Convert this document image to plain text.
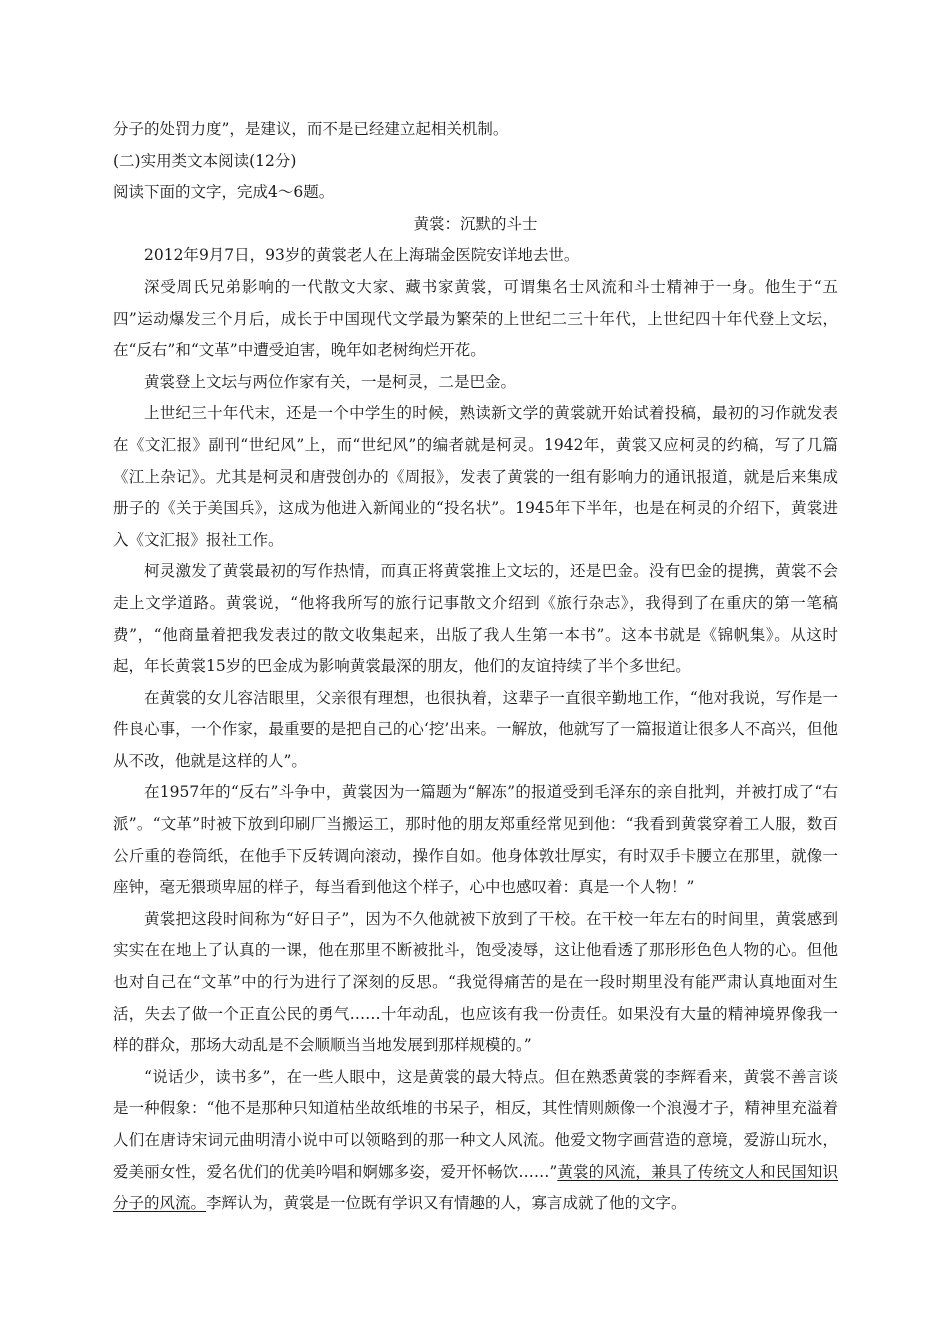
分子的处罚力度”，是建议，而不是已经建立起相关机制。

(二)实用类文本阅读(12分)

阅读下面的文字，完成4～6题。

黄裳：沉默的斗士

2012年9月7日，93岁的黄裳老人在上海瑞金医院安详地去世。

深受周氏兄弟影响的一代散文大家、藏书家黄裳，可谓集名士风流和斗士精神于一身。他生于“五四”运动爆发三个月后，成长于中国现代文学最为繁荣的上世纪二三十年代，上世纪四十年代登上文坛，在“反右”和“文革”中遭受迫害，晚年如老树绚烂开花。

黄裳登上文坛与两位作家有关，一是柯灵，二是巴金。

上世纪三十年代末，还是一个中学生的时候，熟读新文学的黄裳就开始试着投稿，最初的习作就发表在《文汇报》副刊“世纪风”上，而“世纪风”的编者就是柯灵。1942年，黄裳又应柯灵的约稿，写了几篇《江上杂记》。尤其是柯灵和唐弢创办的《周报》，发表了黄裳的一组有影响力的通讯报道，就是后来集成册子的《关于美国兵》，这成为他进入新闻业的“投名状”。1945年下半年，也是在柯灵的介绍下，黄裳进入《文汇报》报社工作。

柯灵激发了黄裳最初的写作热情，而真正将黄裳推上文坛的，还是巴金。没有巴金的提携，黄裳不会走上文学道路。黄裳说，“他将我所写的旅行记事散文介绍到《旅行杂志》，我得到了在重庆的第一笔稿费”，“他商量着把我发表过的散文收集起来，出版了我人生第一本书”。这本书就是《锦帆集》。从这时起，年长黄裳15岁的巴金成为影响黄裳最深的朋友，他们的友谊持续了半个多世纪。

在黄裳的女儿容洁眼里，父亲很有理想，也很执着，这辈子一直很辛勤地工作，“他对我说，写作是一件良心事，一个作家，最重要的是把自己的心‘挖’出来。一解放，他就写了一篇报道让很多人不高兴，但他从不改，他就是这样的人”。

在1957年的“反右”斗争中，黄裳因为一篇题为“解冻”的报道受到毛泽东的亲自批判，并被打成了“右派”。“文革”时被下放到印刷厂当搬运工，那时他的朋友郑重经常见到他：“我看到黄裳穿着工人服，数百公斤重的卷筒纸，在他手下反转调向滚动，操作自如。他身体敦壮厚实，有时双手卡腰立在那里，就像一座钟，毫无猥琐卑屈的样子，每当看到他这个样子，心中也感叹着：真是一个人物！”

黄裳把这段时间称为“好日子”，因为不久他就被下放到了干校。在干校一年左右的时间里，黄裳感到实实在在地上了认真的一课，他在那里不断被批斗，饱受凌辱，这让他看透了那形形色色人物的心。但他也对自己在“文革”中的行为进行了深刻的反思。“我觉得痛苦的是在一段时期里没有能严肃认真地面对生活，失去了做一个正直公民的勇气……十年动乱，也应该有我一份责任。如果没有大量的精神境界像我一样的群众，那场大动乱是不会顺顺当当地发展到那样规模的。”

“说话少，读书多”，在一些人眼中，这是黄裳的最大特点。但在熟悉黄裳的李辉看来，黄裳不善言谈是一种假象：“他不是那种只知道枯坐故纸堆的书呆子，相反，其性情则颇像一个浪漫才子，精神里充溢着人们在唐诗宋词元曲明清小说中可以领略到的那一种文人风流。他爱文物字画营造的意境，爱游山玩水，爱美丽女性，爱名优们的优美吟唱和婀娜多姿，爱开怀畅饮……”黄裳的风流，兼具了传统文人和民国知识分子的风流。李辉认为，黄裳是一位既有学识又有情趣的人，寡言成就了他的文字。
